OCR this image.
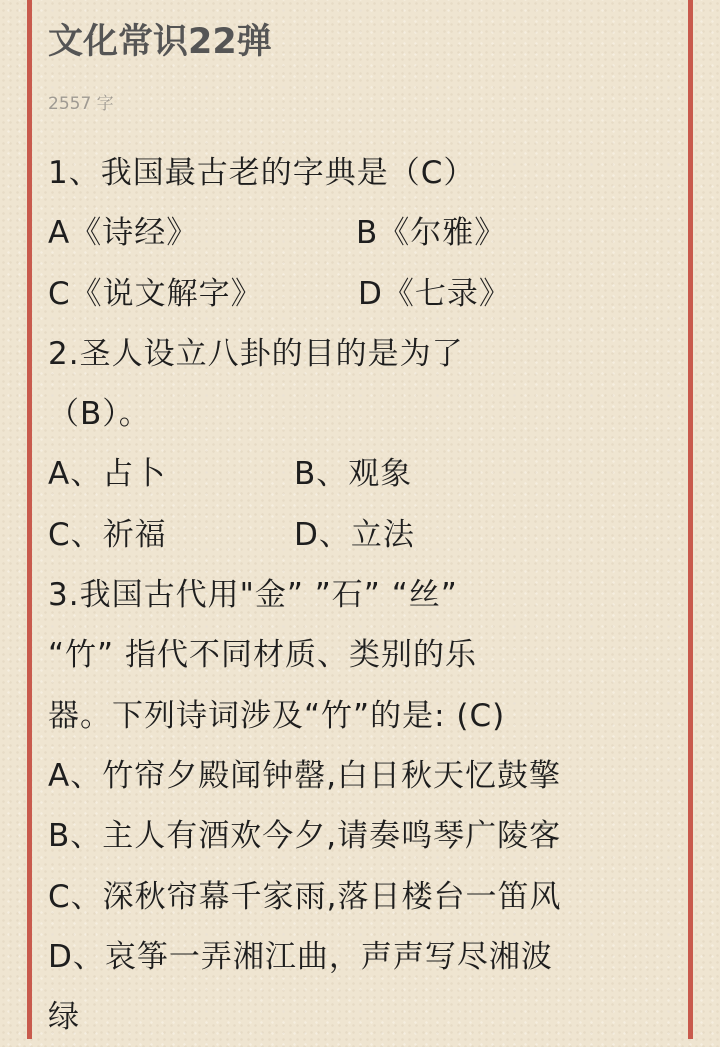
文化常识22弹
2557 字
1、我国最古老的字典是（C）
A《诗经》	B《尔雅》
C《说文解字》	D《七录》
2.圣人设立八卦的目的是为了
（B）。
A、占卜	B、观象
C、祈福	D、立法
3.我国古代用"金” ”石” “丝”
“竹” 指代不同材质、类别的乐
器。下列诗词涉及“竹”的是: (C)
A、竹帘夕殿闻钟罄,白日秋天忆鼓擎
B、主人有酒欢今夕,请奏鸣琴广陵客
C、深秋帘幕千家雨,落日楼台一笛风
D、哀筝一弄湘江曲，声声写尽湘波
绿
